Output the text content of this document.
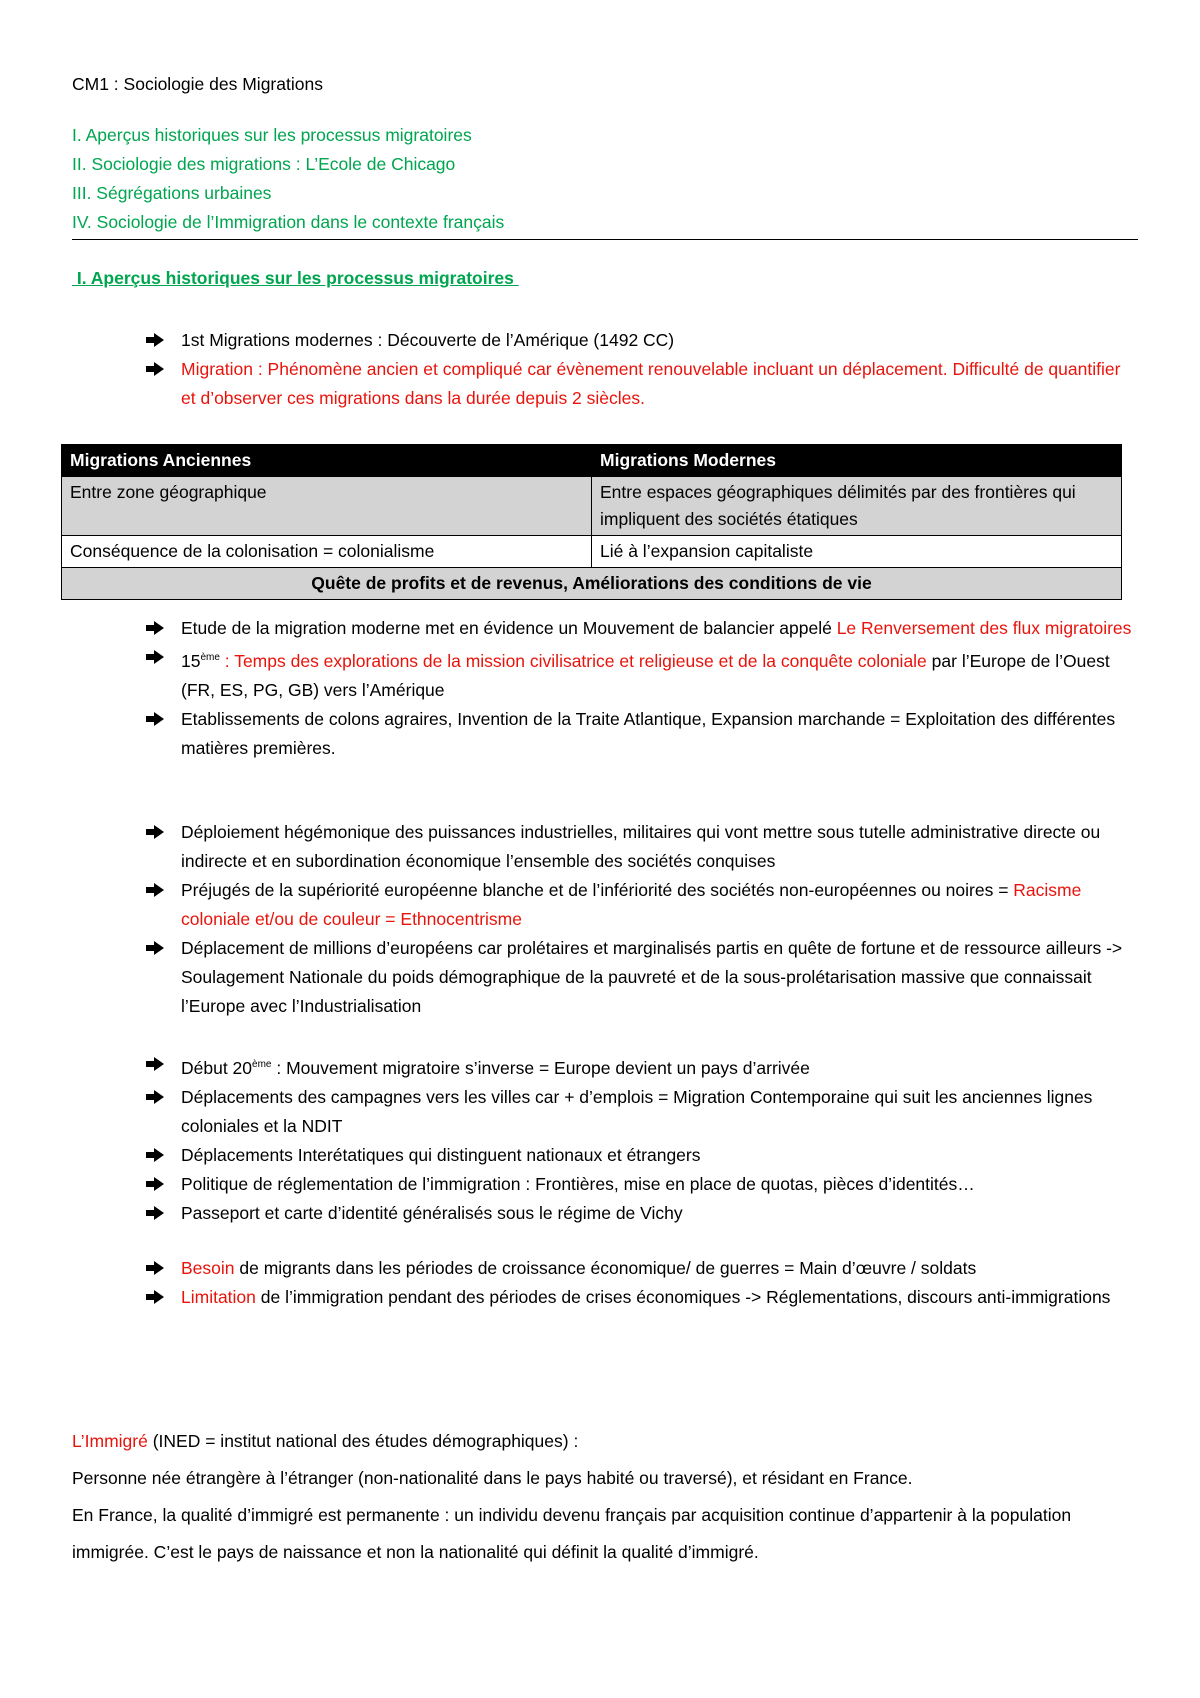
CM1 : Sociologie des Migrations
I. Aperçus historiques sur les processus migratoires
II. Sociologie des migrations : L’Ecole de Chicago
III. Ségrégations urbaines
IV. Sociologie de l’Immigration dans le contexte français
I. Aperçus historiques sur les processus migratoires
1st Migrations modernes : Découverte de l’Amérique (1492 CC)
Migration : Phénomène ancien et compliqué car évènement renouvelable incluant un déplacement. Difficulté de quantifier et d’observer ces migrations dans la durée depuis 2 siècles.
Migrations Anciennes	Migrations Modernes
Entre zone géographique	Entre espaces géographiques délimités par des frontières qui impliquent des sociétés étatiques
Conséquence de la colonisation = colonialisme	Lié à l’expansion capitaliste
Quête de profits et de revenus, Améliorations des conditions de vie	
Etude de la migration moderne met en évidence un Mouvement de balancier appelé Le Renversement des flux migratoires
15ème : Temps des explorations de la mission civilisatrice et religieuse et de la conquête coloniale par l’Europe de l’Ouest (FR, ES, PG, GB) vers l’Amérique
Etablissements de colons agraires, Invention de la Traite Atlantique, Expansion marchande = Exploitation des différentes matières premières.
Déploiement hégémonique des puissances industrielles, militaires qui vont mettre sous tutelle administrative directe ou indirecte et en subordination économique l’ensemble des sociétés conquises
Préjugés de la supériorité européenne blanche et de l’infériorité des sociétés non-européennes ou noires = Racisme coloniale et/ou de couleur = Ethnocentrisme
Déplacement de millions d’européens car prolétaires et marginalisés partis en quête de fortune et de ressource ailleurs -> Soulagement Nationale du poids démographique de la pauvreté et de la sous-prolétarisation massive que connaissait l’Europe avec l’Industrialisation
Début 20ème : Mouvement migratoire s’inverse = Europe devient un pays d’arrivée
Déplacements des campagnes vers les villes car + d’emplois = Migration Contemporaine qui suit les anciennes lignes coloniales et la NDIT
Déplacements Interétatiques qui distinguent nationaux et étrangers
Politique de réglementation de l’immigration : Frontières, mise en place de quotas, pièces d’identités…
Passeport et carte d’identité généralisés sous le régime de Vichy
Besoin de migrants dans les périodes de croissance économique/ de guerres = Main d’œuvre / soldats
Limitation de l’immigration pendant des périodes de crises économiques -> Réglementations, discours anti-immigrations
L’Immigré (INED = institut national des études démographiques) :
Personne née étrangère à l’étranger (non-nationalité dans le pays habité ou traversé), et résidant en France.
En France, la qualité d’immigré est permanente : un individu devenu français par acquisition continue d’appartenir à la population immigrée. C’est le pays de naissance et non la nationalité qui définit la qualité d’immigré.
